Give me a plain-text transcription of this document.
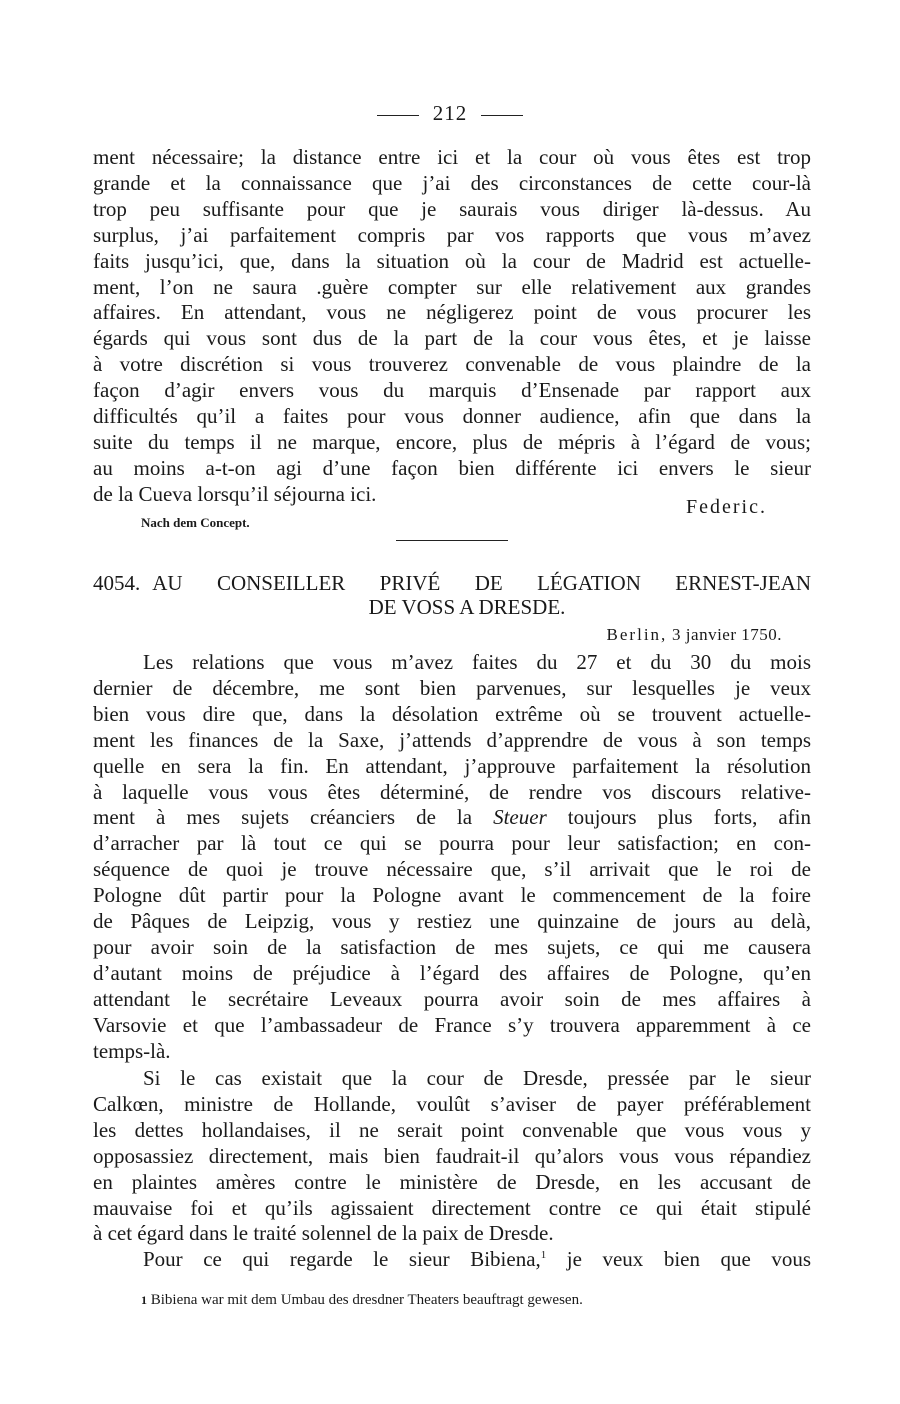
212
ment nécessaire; la distance entre ici et la cour où vous êtes est trop
grande et la connaissance que j’ai des circonstances de cette cour-là
trop peu suffisante pour que je saurais vous diriger là-dessus. Au
surplus, j’ai parfaitement compris par vos rapports que vous m’avez
faits jusqu’ici, que, dans la situation où la cour de Madrid est actuelle-
ment, l’on ne saura .guère compter sur elle relativement aux grandes
affaires. En attendant, vous ne négligerez point de vous procurer les
égards qui vous sont dus de la part de la cour vous êtes, et je laisse
à votre discrétion si vous trouverez convenable de vous plaindre de la
façon d’agir envers vous du marquis d’Ensenade par rapport aux
difficultés qu’il a faites pour vous donner audience, afin que dans la
suite du temps il ne marque, encore, plus de mépris à l’égard de vous;
au moins a-t-on agi d’une façon bien différente ici envers le sieur
de la Cueva lorsqu’il séjourna ici.
Federic.
Nach dem Concept.
4054. AU CONSEILLER PRIVÉ DE LÉGATION ERNEST-JEAN
DE VOSS A DRESDE.
Berlin, 3 janvier 1750.
Les relations que vous m’avez faites du 27 et du 30 du mois
dernier de décembre, me sont bien parvenues, sur lesquelles je veux
bien vous dire que, dans la désolation extrême où se trouvent actuelle-
ment les finances de la Saxe, j’attends d’apprendre de vous à son temps
quelle en sera la fin. En attendant, j’approuve parfaitement la résolution
à laquelle vous vous êtes déterminé, de rendre vos discours relative-
ment à mes sujets créanciers de la Steuer toujours plus forts, afin
d’arracher par là tout ce qui se pourra pour leur satisfaction; en con-
séquence de quoi je trouve nécessaire que, s’il arrivait que le roi de
Pologne dût partir pour la Pologne avant le commencement de la foire
de Pâques de Leipzig, vous y restiez une quinzaine de jours au delà,
pour avoir soin de la satisfaction de mes sujets, ce qui me causera
d’autant moins de préjudice à l’égard des affaires de Pologne, qu’en
attendant le secrétaire Leveaux pourra avoir soin de mes affaires à
Varsovie et que l’ambassadeur de France s’y trouvera apparemment à ce
temps-là.
Si le cas existait que la cour de Dresde, pressée par le sieur
Calkœn, ministre de Hollande, voulût s’aviser de payer préférablement
les dettes hollandaises, il ne serait point convenable que vous vous y
opposassiez directement, mais bien faudrait-il qu’alors vous vous répandiez
en plaintes amères contre le ministère de Dresde, en les accusant de
mauvaise foi et qu’ils agissaient directement contre ce qui était stipulé
à cet égard dans le traité solennel de la paix de Dresde.
Pour ce qui regarde le sieur Bibiena,$^1$ je veux bien que vous
1 Bibiena war mit dem Umbau des dresdner Theaters beauftragt gewesen.
